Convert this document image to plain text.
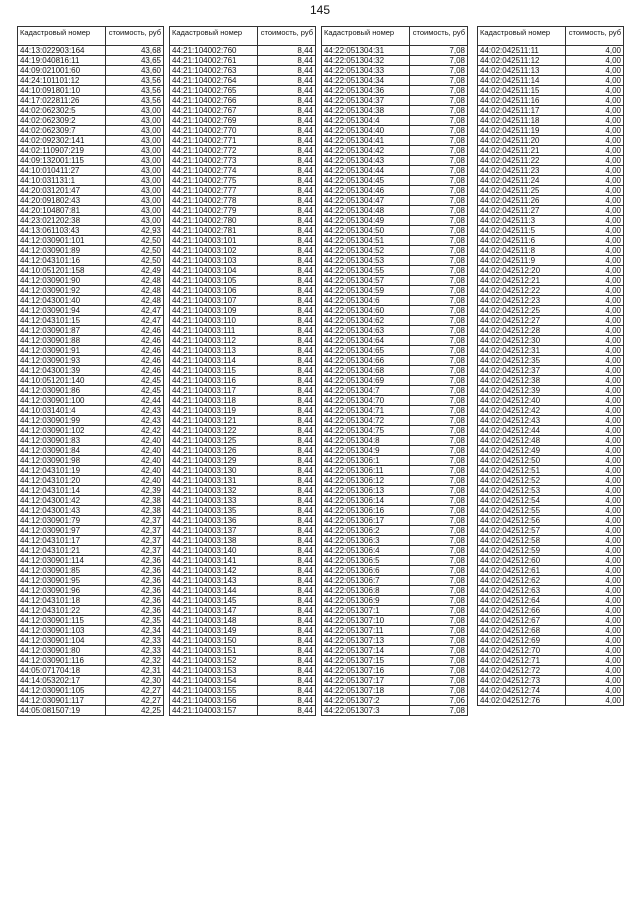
145
Кадастровый номер	стоимость, руб
44:13:022903:164	43,68
44:19:040816:11	43,65
44:09:021001:60	43,60
44:24:101101:12	43,56
44:10:091801:10	43,56
44:17:022811:26	43,56
44:02:062302:5	43,00
44:02:062309:2	43,00
44:02:062309:7	43,00
44:02:092302:141	43,00
44:02:110907:219	43,00
44:09:132001:115	43,00
44:10:010411:27	43,00
44:10:031131:1	43,00
44:20:031201:47	43,00
44:20:091802:43	43,00
44:20:104807:81	43,00
44:23:021202:38	43,00
44:13:061103:43	42,93
44:12:030901:101	42,50
44:12:030901:89	42,50
44:12:043101:16	42,50
44:10:051201:158	42,49
44:12:030901:90	42,48
44:12:030901:92	42,48
44:12:043001:40	42,48
44:12:030901:94	42,47
44:12:043101:15	42,47
44:12:030901:87	42,46
44:12:030901:88	42,46
44:12:030901:91	42,46
44:12:030901:93	42,46
44:12:043001:39	42,46
44:10:051201:140	42,45
44:12:030901:86	42,45
44:12:030901:100	42,44
44:10:031401:4	42,43
44:12:030901:99	42,43
44:12:030901:102	42,42
44:12:030901:83	42,40
44:12:030901:84	42,40
44:12:030901:98	42,40
44:12:043101:19	42,40
44:12:043101:20	42,40
44:12:043101:14	42,39
44:12:043001:42	42,38
44:12:043001:43	42,38
44:12:030901:79	42,37
44:12:030901:97	42,37
44:12:043101:17	42,37
44:12:043101:21	42,37
44:12:030901:114	42,36
44:12:030901:85	42,36
44:12:030901:95	42,36
44:12:030901:96	42,36
44:12:043101:18	42,36
44:12:043101:22	42,36
44:12:030901:115	42,35
44:12:030901:103	42,34
44:12:030901:104	42,33
44:12:030901:80	42,33
44:12:030901:116	42,32
44:05:071704:18	42,31
44:14:053202:17	42,30
44:12:030901:105	42,27
44:12:030901:117	42,27
44:05:081507:19	42,25
Кадастровый номер	стоимость, руб
44:21:104002:760	8,44
44:21:104002:761	8,44
44:21:104002:763	8,44
44:21:104002:764	8,44
44:21:104002:765	8,44
44:21:104002:766	8,44
44:21:104002:767	8,44
44:21:104002:769	8,44
44:21:104002:770	8,44
44:21:104002:771	8,44
44:21:104002:772	8,44
44:21:104002:773	8,44
44:21:104002:774	8,44
44:21:104002:775	8,44
44:21:104002:777	8,44
44:21:104002:778	8,44
44:21:104002:779	8,44
44:21:104002:780	8,44
44:21:104002:781	8,44
44:21:104003:101	8,44
44:21:104003:102	8,44
44:21:104003:103	8,44
44:21:104003:104	8,44
44:21:104003:105	8,44
44:21:104003:106	8,44
44:21:104003:107	8,44
44:21:104003:109	8,44
44:21:104003:110	8,44
44:21:104003:111	8,44
44:21:104003:112	8,44
44:21:104003:113	8,44
44:21:104003:114	8,44
44:21:104003:115	8,44
44:21:104003:116	8,44
44:21:104003:117	8,44
44:21:104003:118	8,44
44:21:104003:119	8,44
44:21:104003:121	8,44
44:21:104003:122	8,44
44:21:104003:125	8,44
44:21:104003:126	8,44
44:21:104003:129	8,44
44:21:104003:130	8,44
44:21:104003:131	8,44
44:21:104003:132	8,44
44:21:104003:133	8,44
44:21:104003:135	8,44
44:21:104003:136	8,44
44:21:104003:137	8,44
44:21:104003:138	8,44
44:21:104003:140	8,44
44:21:104003:141	8,44
44:21:104003:142	8,44
44:21:104003:143	8,44
44:21:104003:144	8,44
44:21:104003:145	8,44
44:21:104003:147	8,44
44:21:104003:148	8,44
44:21:104003:149	8,44
44:21:104003:150	8,44
44:21:104003:151	8,44
44:21:104003:152	8,44
44:21:104003:153	8,44
44:21:104003:154	8,44
44:21:104003:155	8,44
44:21:104003:156	8,44
44:21:104003:157	8,44
Кадастровый номер	стоимость, руб
44:22:051304:31	7,08
44:22:051304:32	7,08
44:22:051304:33	7,08
44:22:051304:34	7,08
44:22:051304:36	7,08
44:22:051304:37	7,08
44:22:051304:38	7,08
44:22:051304:4	7,08
44:22:051304:40	7,08
44:22:051304:41	7,08
44:22:051304:42	7,08
44:22:051304:43	7,08
44:22:051304:44	7,08
44:22:051304:45	7,08
44:22:051304:46	7,08
44:22:051304:47	7,08
44:22:051304:48	7,08
44:22:051304:49	7,08
44:22:051304:50	7,08
44:22:051304:51	7,08
44:22:051304:52	7,08
44:22:051304:53	7,08
44:22:051304:55	7,08
44:22:051304:57	7,08
44:22:051304:59	7,08
44:22:051304:6	7,08
44:22:051304:60	7,08
44:22:051304:62	7,08
44:22:051304:63	7,08
44:22:051304:64	7,08
44:22:051304:65	7,08
44:22:051304:66	7,08
44:22:051304:68	7,08
44:22:051304:69	7,08
44:22:051304:7	7,08
44:22:051304:70	7,08
44:22:051304:71	7,08
44:22:051304:72	7,08
44:22:051304:75	7,08
44:22:051304:8	7,08
44:22:051304:9	7,08
44:22:051306:1	7,08
44:22:051306:11	7,08
44:22:051306:12	7,08
44:22:051306:13	7,08
44:22:051306:14	7,08
44:22:051306:16	7,08
44:22:051306:17	7,08
44:22:051306:2	7,08
44:22:051306:3	7,08
44:22:051306:4	7,08
44:22:051306:5	7,08
44:22:051306:6	7,08
44:22:051306:7	7,08
44:22:051306:8	7,08
44:22:051306:9	7,08
44:22:051307:1	7,08
44:22:051307:10	7,08
44:22:051307:11	7,08
44:22:051307:13	7,08
44:22:051307:14	7,08
44:22:051307:15	7,08
44:22:051307:16	7,08
44:22:051307:17	7,08
44:22:051307:18	7,08
44:22:051307:2	7,06
44:22:051307:3	7,08
Кадастровый номер	стоимость, руб
44:02:042511:11	4,00
44:02:042511:12	4,00
44:02:042511:13	4,00
44:02:042511:14	4,00
44:02:042511:15	4,00
44:02:042511:16	4,00
44:02:042511:17	4,00
44:02:042511:18	4,00
44:02:042511:19	4,00
44:02:042511:20	4,00
44:02:042511:21	4,00
44:02:042511:22	4,00
44:02:042511:23	4,00
44:02:042511:24	4,00
44:02:042511:25	4,00
44:02:042511:26	4,00
44:02:042511:27	4,00
44:02:042511:3	4,00
44:02:042511:5	4,00
44:02:042511:6	4,00
44:02:042511:8	4,00
44:02:042511:9	4,00
44:02:042512:20	4,00
44:02:042512:21	4,00
44:02:042512:22	4,00
44:02:042512:23	4,00
44:02:042512:25	4,00
44:02:042512:27	4,00
44:02:042512:28	4,00
44:02:042512:30	4,00
44:02:042512:31	4,00
44:02:042512:35	4,00
44:02:042512:37	4,00
44:02:042512:38	4,00
44:02:042512:39	4,00
44:02:042512:40	4,00
44:02:042512:42	4,00
44:02:042512:43	4,00
44:02:042512:44	4,00
44:02:042512:48	4,00
44:02:042512:49	4,00
44:02:042512:50	4,00
44:02:042512:51	4,00
44:02:042512:52	4,00
44:02:042512:53	4,00
44:02:042512:54	4,00
44:02:042512:55	4,00
44:02:042512:56	4,00
44:02:042512:57	4,00
44:02:042512:58	4,00
44:02:042512:59	4,00
44:02:042512:60	4,00
44:02:042512:61	4,00
44:02:042512:62	4,00
44:02:042512:63	4,00
44:02:042512:64	4,00
44:02:042512:66	4,00
44:02:042512:67	4,00
44:02:042512:68	4,00
44:02:042512:69	4,00
44:02:042512:70	4,00
44:02:042512:71	4,00
44:02:042512:72	4,00
44:02:042512:73	4,00
44:02:042512:74	4,00
44:02:042512:76	4,00
